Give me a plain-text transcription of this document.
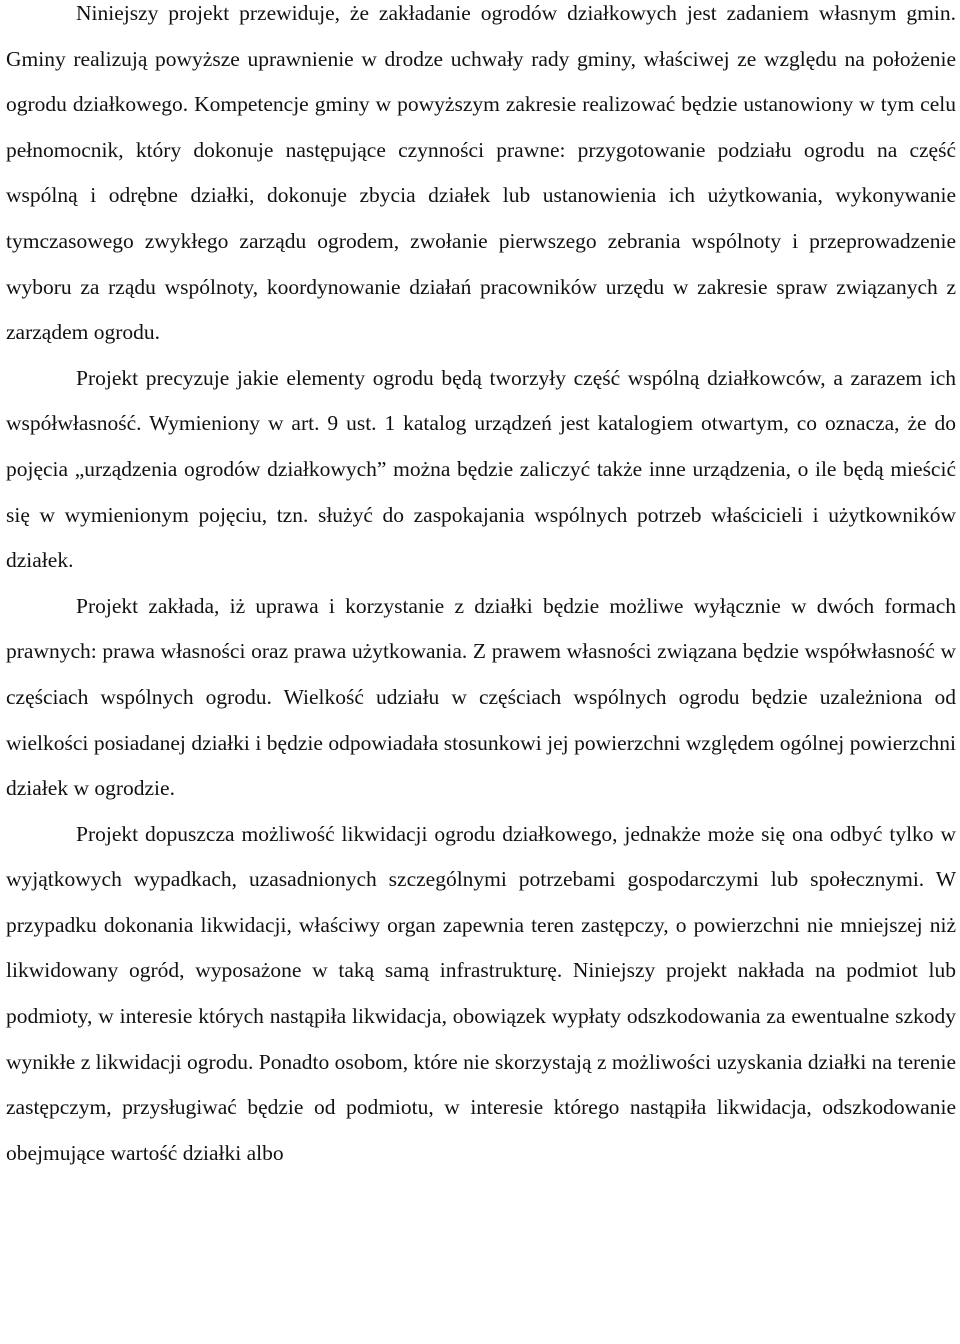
Niniejszy projekt przewiduje, że zakładanie ogrodów działkowych jest zadaniem własnym gmin. Gminy realizują powyższe uprawnienie w drodze uchwały rady gminy, właściwej ze względu na położenie ogrodu działkowego. Kompetencje gminy w powyższym zakresie realizować będzie ustanowiony w tym celu pełnomocnik, który dokonuje następujące czynności prawne: przygotowanie podziału ogrodu na część wspólną i odrębne działki, dokonuje zbycia działek lub ustanowienia ich użytkowania, wykonywanie tymczasowego zwykłego zarządu ogrodem, zwołanie pierwszego zebrania wspólnoty i przeprowadzenie wyboru za rządu wspólnoty, koordynowanie działań pracowników urzędu w zakresie spraw związanych z zarządem ogrodu.

Projekt precyzuje jakie elementy ogrodu będą tworzyły część wspólną działkowców, a zarazem ich współwłasność. Wymieniony w art. 9 ust. 1 katalog urządzeń jest katalogiem otwartym, co oznacza, że do pojęcia „urządzenia ogrodów działkowych” można będzie zaliczyć także inne urządzenia, o ile będą mieścić się w wymienionym pojęciu, tzn. służyć do zaspokajania wspólnych potrzeb właścicieli i użytkowników działek.

Projekt zakłada, iż uprawa i korzystanie z działki będzie możliwe wyłącznie w dwóch formach prawnych: prawa własności oraz prawa użytkowania. Z prawem własności związana będzie współwłasność w częściach wspólnych ogrodu. Wielkość udziału w częściach wspólnych ogrodu będzie uzależniona od wielkości posiadanej działki i będzie odpowiadała stosunkowi jej powierzchni względem ogólnej powierzchni działek w ogrodzie.

Projekt dopuszcza możliwość likwidacji ogrodu działkowego, jednakże może się ona odbyć tylko w wyjątkowych wypadkach, uzasadnionych szczególnymi potrzebami gospodarczymi lub społecznymi. W przypadku dokonania likwidacji, właściwy organ zapewnia teren zastępczy, o powierzchni nie mniejszej niż likwidowany ogród, wyposażone w taką samą infrastrukturę. Niniejszy projekt nakłada na podmiot lub podmioty, w interesie których nastąpiła likwidacja, obowiązek wypłaty odszkodowania za ewentualne szkody wynikłe z likwidacji ogrodu. Ponadto osobom, które nie skorzystają z możliwości uzyskania działki na terenie zastępczym, przysługiwać będzie od podmiotu, w interesie którego nastąpiła likwidacja, odszkodowanie obejmujące wartość działki albo
